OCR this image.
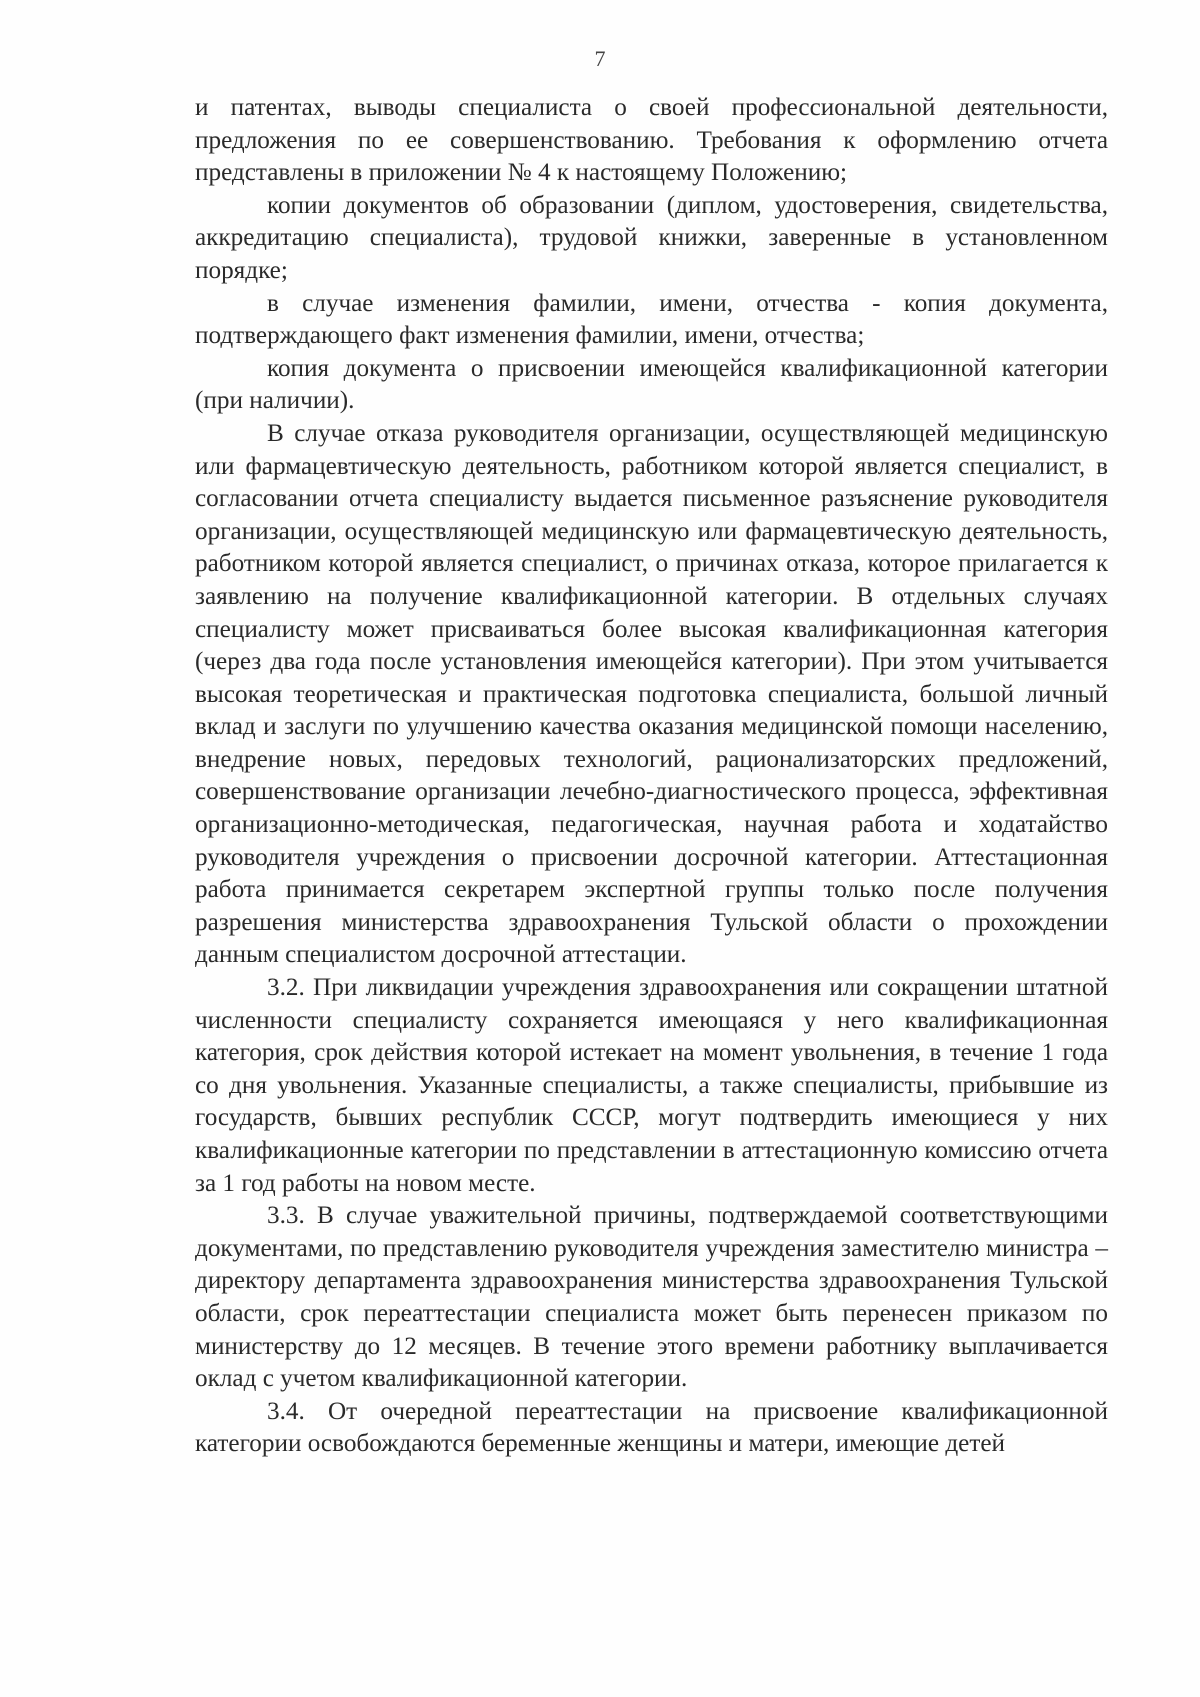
7

и патентах, выводы специалиста о своей профессиональной деятельности, предложения по ее совершенствованию. Требования к оформлению отчета представлены в приложении № 4 к настоящему Положению;

копии документов об образовании (диплом, удостоверения, свидетельства, аккредитацию специалиста), трудовой книжки, заверенные в установленном порядке;

в случае изменения фамилии, имени, отчества - копия документа, подтверждающего факт изменения фамилии, имени, отчества;

копия документа о присвоении имеющейся квалификационной категории (при наличии).

В случае отказа руководителя организации, осуществляющей медицинскую или фармацевтическую деятельность, работником которой является специалист, в согласовании отчета специалисту выдается письменное разъяснение руководителя организации, осуществляющей медицинскую или фармацевтическую деятельность, работником которой является специалист, о причинах отказа, которое прилагается к заявлению на получение квалификационной категории. В отдельных случаях специалисту может присваиваться более высокая квалификационная категория (через два года после установления имеющейся категории). При этом учитывается высокая теоретическая и практическая подготовка специалиста, большой личный вклад и заслуги по улучшению качества оказания медицинской помощи населению, внедрение новых, передовых технологий, рационализаторских предложений, совершенствование организации лечебно-диагностического процесса, эффективная организационно-методическая, педагогическая, научная работа и ходатайство руководителя учреждения о присвоении досрочной категории. Аттестационная работа принимается секретарем экспертной группы только после получения разрешения министерства здравоохранения Тульской области о прохождении данным специалистом досрочной аттестации.

3.2. При ликвидации учреждения здравоохранения или сокращении штатной численности специалисту сохраняется имеющаяся у него квалификационная категория, срок действия которой истекает на момент увольнения, в течение 1 года со дня увольнения. Указанные специалисты, а также специалисты, прибывшие из государств, бывших республик СССР, могут подтвердить имеющиеся у них квалификационные категории по представлении в аттестационную комиссию отчета за 1 год работы на новом месте.

3.3. В случае уважительной причины, подтверждаемой соответствующими документами, по представлению руководителя учреждения заместителю министра – директору департамента здравоохранения министерства здравоохранения Тульской области, срок переаттестации специалиста может быть перенесен приказом по министерству до 12 месяцев. В течение этого времени работнику выплачивается оклад с учетом квалификационной категории.

3.4. От очередной переаттестации на присвоение квалификационной категории освобождаются беременные женщины и матери, имеющие детей
